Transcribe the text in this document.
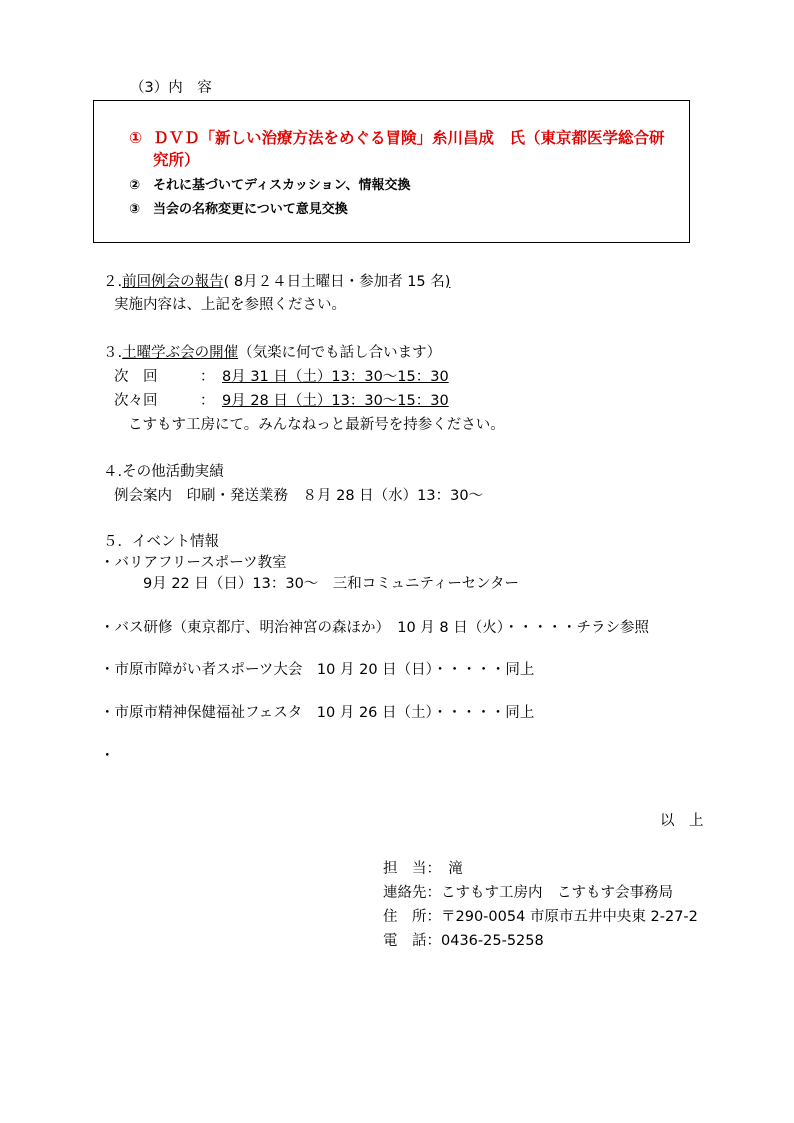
（3）内　容
① ＤＶＤ「新しい治療方法をめぐる冒険」糸川昌成　氏（東京都医学総合研
究所）
② それに基づいてディスカッション、情報交換
③ 当会の名称変更について意見交換
２.前回例会の報告( 8月２４日土曜日・参加者 15 名)
実施内容は、上記を参照ください。
３.土曜学ぶ会の開催（気楽に何でも話し合います）
次　回	： 8月 31 日（土）13：30～15：30
次々回	： 9月 28 日（土）13：30～15：30
こすもす工房にて。みんなねっと最新号を持参ください。
４.その他活動実績
例会案内　印刷・発送業務　８月 28 日（水）13：30～
５．イベント情報
・バリアフリースポーツ教室
9月 22 日（日）13：30～　三和コミュニティーセンター
・バス研修（東京都庁、明治神宮の森ほか）　10 月 8 日（火）・・・・・チラシ参照
・市原市障がい者スポーツ大会　10 月 20 日（日）・・・・・同上
・市原市精神保健福祉フェスタ　10 月 26 日（土）・・・・・同上
・
以　上
担　当：　滝
連絡先：こすもす工房内　こすもす会事務局
住　所：〒290-0054 市原市五井中央東 2-27-2
電　話：0436-25-5258
